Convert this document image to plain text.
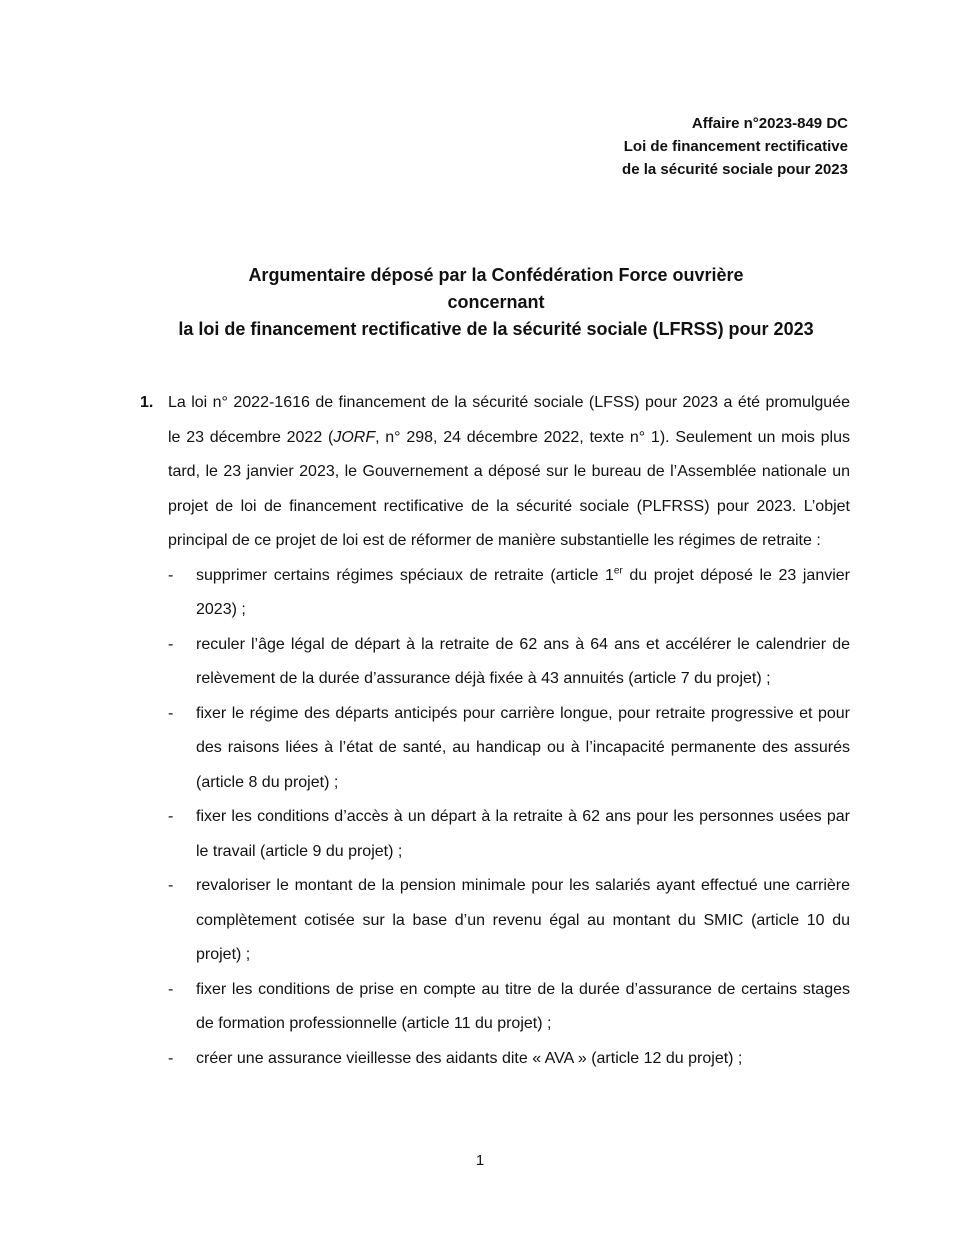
Affaire n°2023-849 DC
Loi de financement rectificative
de la sécurité sociale pour 2023
Argumentaire déposé par la Confédération Force ouvrière
concernant
la loi de financement rectificative de la sécurité sociale (LFRSS) pour 2023
1. La loi n° 2022-1616 de financement de la sécurité sociale (LFSS) pour 2023 a été promulguée le 23 décembre 2022 (JORF, n° 298, 24 décembre 2022, texte n° 1). Seulement un mois plus tard, le 23 janvier 2023, le Gouvernement a déposé sur le bureau de l’Assemblée nationale un projet de loi de financement rectificative de la sécurité sociale (PLFRSS) pour 2023. L’objet principal de ce projet de loi est de réformer de manière substantielle les régimes de retraite :
- supprimer certains régimes spéciaux de retraite (article 1er du projet déposé le 23 janvier 2023) ;
- reculer l’âge légal de départ à la retraite de 62 ans à 64 ans et accélérer le calendrier de relèvement de la durée d’assurance déjà fixée à 43 annuités (article 7 du projet) ;
- fixer le régime des départs anticipés pour carrière longue, pour retraite progressive et pour des raisons liées à l’état de santé, au handicap ou à l’incapacité permanente des assurés (article 8 du projet) ;
- fixer les conditions d’accès à un départ à la retraite à 62 ans pour les personnes usées par le travail (article 9 du projet) ;
- revaloriser le montant de la pension minimale pour les salariés ayant effectué une carrière complètement cotisée sur la base d’un revenu égal au montant du SMIC (article 10 du projet) ;
- fixer les conditions de prise en compte au titre de la durée d’assurance de certains stages de formation professionnelle (article 11 du projet) ;
- créer une assurance vieillesse des aidants dite « AVA » (article 12 du projet) ;
1
